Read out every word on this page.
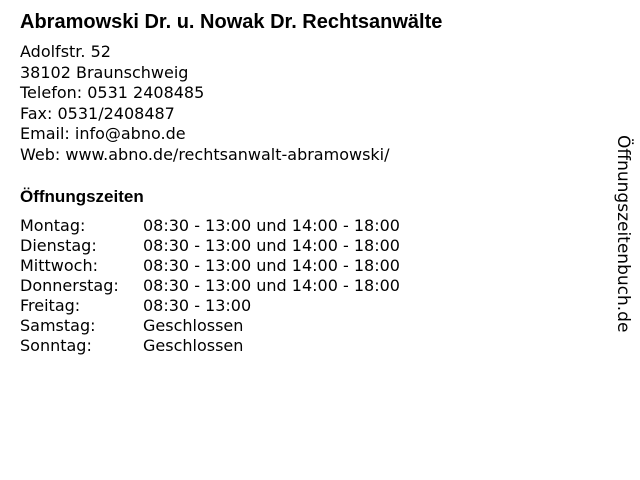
Abramowski Dr. u. Nowak Dr. Rechtsanwälte
Adolfstr. 52
38102 Braunschweig
Telefon: 0531 2408485
Fax: 0531/2408487
Email: info@abno.de
Web: www.abno.de/rechtsanwalt-abramowski/
Öffnungszeiten
Montag:	08:30 - 13:00 und 14:00 - 18:00
Dienstag:	08:30 - 13:00 und 14:00 - 18:00
Mittwoch:	08:30 - 13:00 und 14:00 - 18:00
Donnerstag:	08:30 - 13:00 und 14:00 - 18:00
Freitag:	08:30 - 13:00
Samstag:	Geschlossen
Sonntag:	Geschlossen
Öffnungszeitenbuch.de
